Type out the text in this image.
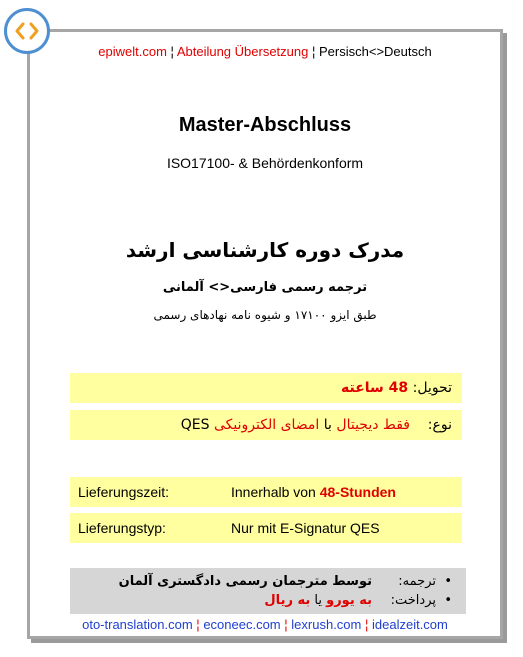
epiwelt.com ¦ Abteilung Übersetzung ¦ Persisch<>Deutsch
Master-Abschluss
ISO17100- & Behördenkonform
مدرک دوره کارشناسی ارشد
ترجمه رسمی فارسی<> آلمانی
طبق ایزو ۱۷۱۰۰ و شیوه نامه نهادهای رسمی
تحویل: 48 ساعته
نوع:    فقط دیجیتال با امضای الکترونیکی QES
Lieferungszeit:	Innerhalb von 48-Stunden
Lieferungstyp:	Nur mit E-Signatur QES
•ترجمه:توسط مترجمان رسمی دادگستری آلمان
•پرداخت:به یورو یا به ریال
oto-translation.com ¦ econeec.com ¦ lexrush.com ¦ idealzeit.com
